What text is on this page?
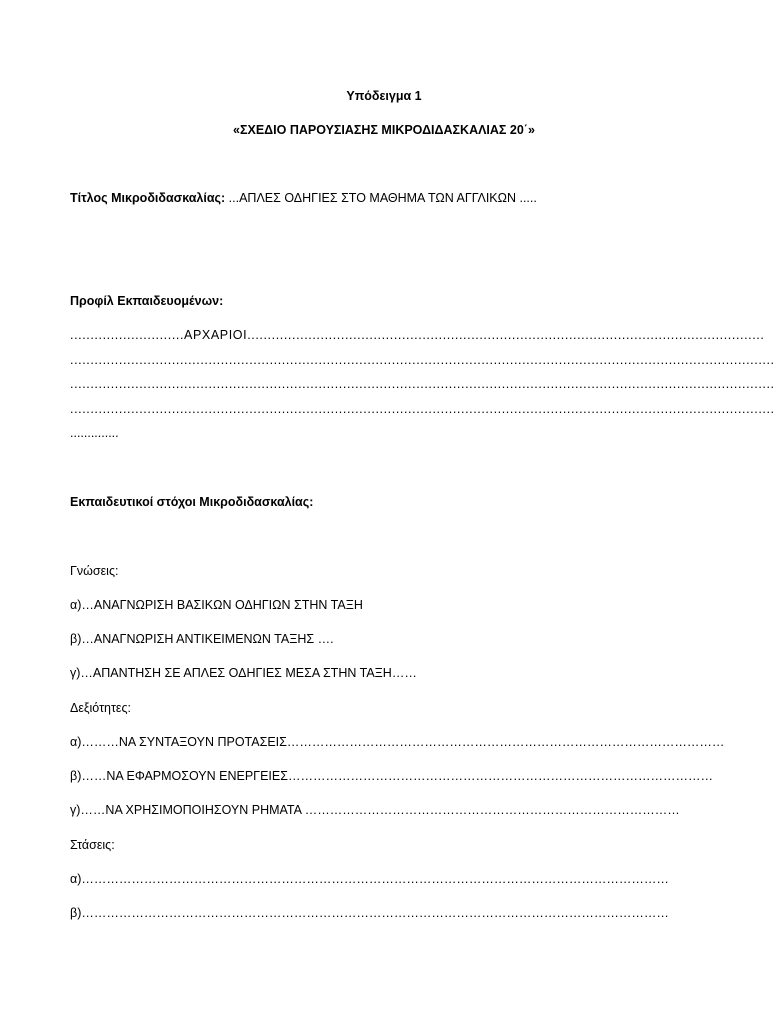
Υπόδειγμα 1
«ΣΧΕΔΙΟ ΠΑΡΟΥΣΙΑΣΗΣ ΜΙΚΡΟΔΙΔΑΣΚΑΛΙΑΣ 20΄»
Τίτλος Μικροδιδασκαλίας: ...ΑΠΛΕΣ ΟΔΗΓΙΕΣ ΣΤΟ ΜΑΘΗΜΑ ΤΩΝ ΑΓΓΛΙΚΩΝ .....
Προφίλ Εκπαιδευομένων:
............................ΑΡΧΑΡΙΟΙ...............................................................................................................................
.............................................................................................................................................................................
.............................................................................................................................................................................
.............................................................................................................................................................................
..............
Εκπαιδευτικοί στόχοι Μικροδιδασκαλίας:
Γνώσεις:
α)…ΑΝΑΓΝΩΡΙΣΗ ΒΑΣΙΚΩΝ ΟΔΗΓΙΩΝ ΣΤΗΝ ΤΑΞΗ
β)…ΑΝΑΓΝΩΡΙΣΗ ΑΝΤΙΚΕΙΜΕΝΩΝ ΤΑΞΗΣ ….
γ)…ΑΠΑΝΤΗΣΗ ΣΕ ΑΠΛΕΣ ΟΔΗΓΙΕΣ ΜΕΣΑ ΣΤΗΝ ΤΑΞΗ……
Δεξιότητες:
α)………ΝΑ ΣΥΝΤΑΞΟΥΝ ΠΡΟΤΑΣΕΙΣ……………………………………………………………………………………………
β)……ΝΑ ΕΦΑΡΜΟΣΟΥΝ ΕΝΕΡΓΕΙΕΣ…………………………………………………………………………………………
γ)……ΝΑ ΧΡΗΣΙΜΟΠΟΙΗΣΟΥΝ ΡΗΜΑΤΑ ………………………………………………………………………………
Στάσεις:
α)……………………………………………………………………………………………………………………………
β)……………………………………………………………………………………………………………………………
